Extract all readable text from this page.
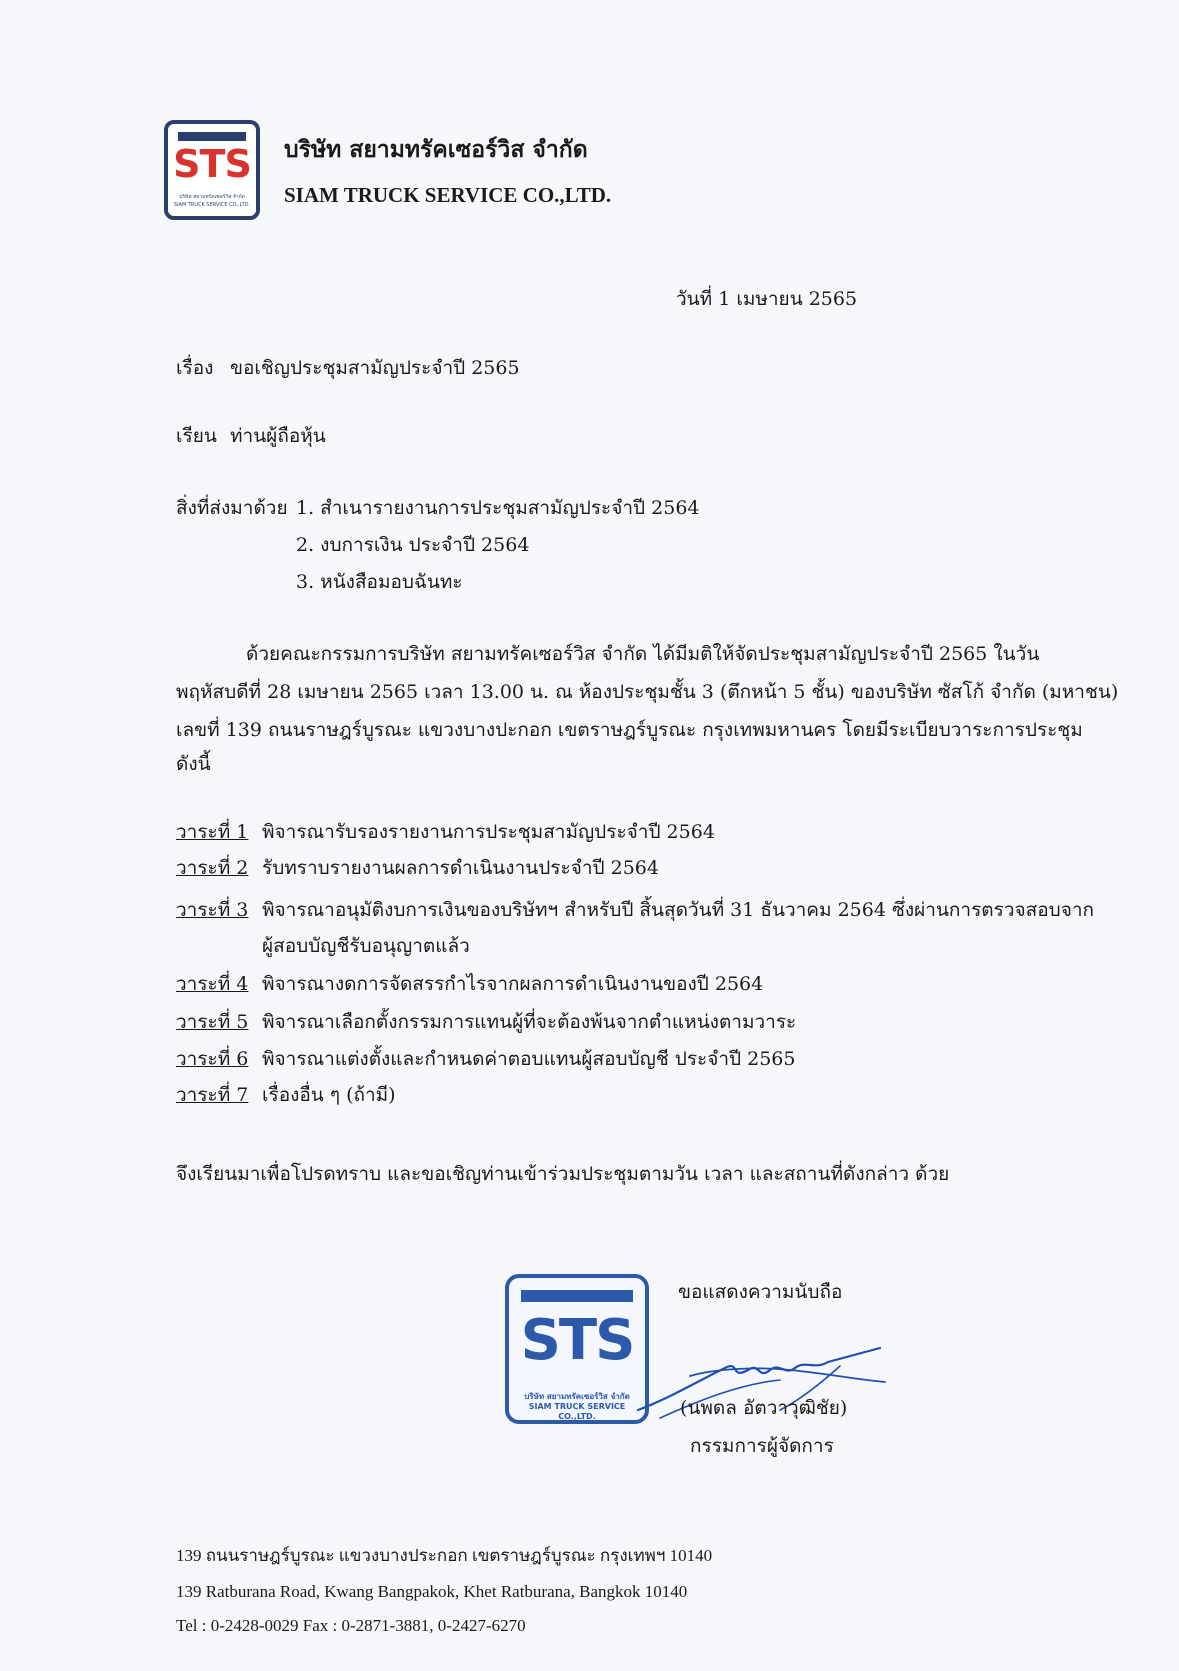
STS
บริษัท สยามทรัคเซอร์วิส จำกัด
SIAM TRUCK SERVICE CO.,LTD.
บริษัท สยามทรัคเซอร์วิส จำกัด
SIAM TRUCK SERVICE CO.,LTD.
วันที่ 1 เมษายน 2565
เรื่อง ขอเชิญประชุมสามัญประจำปี 2565
เรียน ท่านผู้ถือหุ้น
สิ่งที่ส่งมาด้วย 1. สำเนารายงานการประชุมสามัญประจำปี 2564
2. งบการเงิน ประจำปี 2564
3. หนังสือมอบฉันทะ
ด้วยคณะกรรมการบริษัท สยามทรัคเซอร์วิส จำกัด ได้มีมติให้จัดประชุมสามัญประจำปี 2565 ในวัน
พฤหัสบดีที่ 28 เมษายน 2565 เวลา 13.00 น. ณ ห้องประชุมชั้น 3 (ตึกหน้า 5 ชั้น) ของบริษัท ซัสโก้ จำกัด (มหาชน)
เลขที่ 139 ถนนราษฎร์บูรณะ แขวงบางปะกอก เขตราษฎร์บูรณะ กรุงเทพมหานคร โดยมีระเบียบวาระการประชุม
ดังนี้
วาระที่ 1 พิจารณารับรองรายงานการประชุมสามัญประจำปี 2564
วาระที่ 2 รับทราบรายงานผลการดำเนินงานประจำปี 2564
วาระที่ 3 พิจารณาอนุมัติงบการเงินของบริษัทฯ สำหรับปี สิ้นสุดวันที่ 31 ธันวาคม 2564 ซึ่งผ่านการตรวจสอบจาก
ผู้สอบบัญชีรับอนุญาตแล้ว
วาระที่ 4 พิจารณางดการจัดสรรกำไรจากผลการดำเนินงานของปี 2564
วาระที่ 5 พิจารณาเลือกตั้งกรรมการแทนผู้ที่จะต้องพ้นจากตำแหน่งตามวาระ
วาระที่ 6 พิจารณาแต่งตั้งและกำหนดค่าตอบแทนผู้สอบบัญชี ประจำปี 2565
วาระที่ 7 เรื่องอื่น ๆ (ถ้ามี)
จึงเรียนมาเพื่อโปรดทราบ และขอเชิญท่านเข้าร่วมประชุมตามวัน เวลา และสถานที่ดังกล่าว ด้วย
ขอแสดงความนับถือ
STS
บริษัท สยามทรัคเซอร์วิส จำกัด
SIAM TRUCK SERVICE CO.,LTD.	(นพดล อัตวาวุฒิชัย)
กรรมการผู้จัดการ
139 ถนนราษฎร์บูรณะ แขวงบางประกอก เขตราษฎร์บูรณะ กรุงเทพฯ 10140
139 Ratburana Road, Kwang Bangpakok, Khet Ratburana, Bangkok 10140
Tel : 0-2428-0029 Fax : 0-2871-3881, 0-2427-6270
